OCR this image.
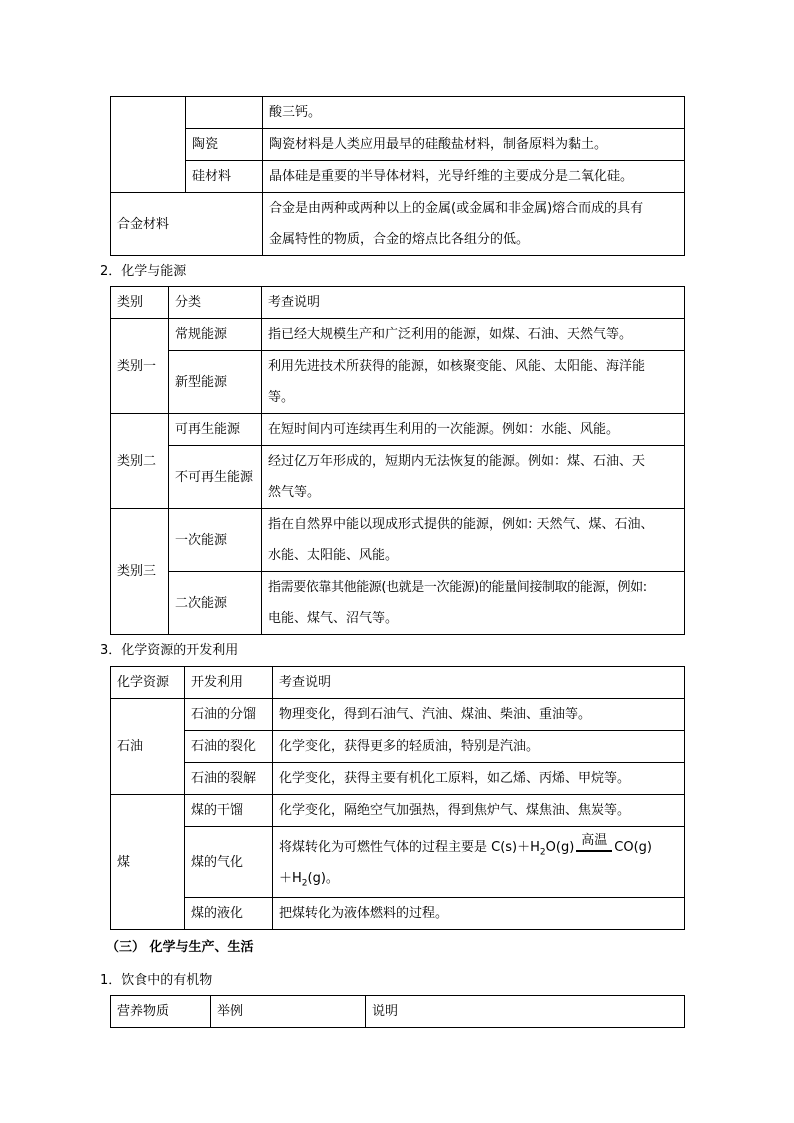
		酸三钙。
	陶瓷	陶瓷材料是人类应用最早的硅酸盐材料，制备原料为黏土。
	硅材料	晶体硅是重要的半导体材料，光导纤维的主要成分是二氧化硅。
合金材料		合金是由两种或两种以上的金属(或金属和非金属)熔合而成的具有
金属特性的物质，合金的熔点比各组分的低。
2．化学与能源
类别	分类	考查说明
类别一	常规能源	指已经大规模生产和广泛利用的能源，如煤、石油、天然气等。
	新型能源	利用先进技术所获得的能源，如核聚变能、风能、太阳能、海洋能
等。

类别二	可再生能源	在短时间内可连续再生利用的一次能源。例如：水能、风能。
	不可再生能源	经过亿万年形成的，短期内无法恢复的能源。例如：煤、石油、天
然气等。

类别三	一次能源	指在自然界中能以现成形式提供的能源，例如: 天然气、煤、石油、
水能、太阳能、风能。

	二次能源	指需要依靠其他能源(也就是一次能源)的能量间接制取的能源，例如:
电能、煤气、沼气等。
3．化学资源的开发利用
化学资源	开发利用	考查说明
石油	石油的分馏	物理变化，得到石油气、汽油、煤油、柴油、重油等。
	石油的裂化	化学变化，获得更多的轻质油，特别是汽油。
	石油的裂解	化学变化，获得主要有机化工原料，如乙烯、丙烯、甲烷等。
煤	煤的干馏	化学变化，隔绝空气加强热，得到焦炉气、煤焦油、焦炭等。
	煤的气化	将煤转化为可燃性气体的过程主要是 $C(s)+H_2O(g)$ 高温 CO(g)
$+H_2(g)$。

	煤的液化	把煤转化为液体燃料的过程。
（三） 化学与生产、生活
1．饮食中的有机物
营养物质	举例	说明
